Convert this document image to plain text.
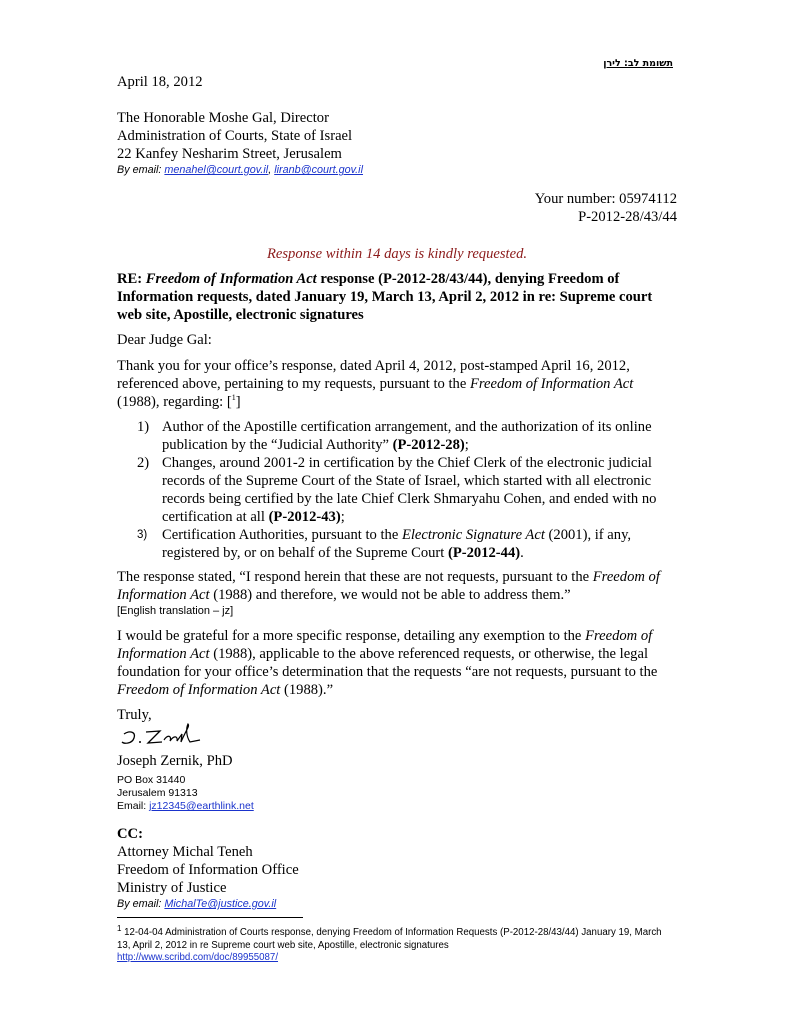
תשומת לב: לירן
April 18, 2012
The Honorable Moshe Gal, Director
Administration of Courts, State of Israel
22 Kanfey Nesharim Street, Jerusalem
By email: menahel@court.gov.il, liranb@court.gov.il
Your number: 05974112
P-2012-28/43/44
Response within 14 days is kindly requested.
RE: Freedom of Information Act response (P-2012-28/43/44), denying Freedom of Information requests, dated January 19, March 13, April 2, 2012 in re: Supreme court web site, Apostille, electronic signatures
Dear Judge Gal:
Thank you for your office’s response, dated April 4, 2012, post-stamped April 16, 2012, referenced above, pertaining to my requests, pursuant to the Freedom of Information Act (1988), regarding: [$^1$]
1) Author of the Apostille certification arrangement, and the authorization of its online publication by the “Judicial Authority” (P-2012-28);
2) Changes, around 2001-2 in certification by the Chief Clerk of the electronic judicial records of the Supreme Court of the State of Israel, which started with all electronic records being certified by the late Chief Clerk Shmaryahu Cohen, and ended with no certification at all (P-2012-43);
3) Certification Authorities, pursuant to the Electronic Signature Act (2001), if any, registered by, or on behalf of the Supreme Court (P-2012-44).
The response stated, “I respond herein that these are not requests, pursuant to the Freedom of Information Act (1988) and therefore, we would not be able to address them.”
[English translation – jz]
I would be grateful for a more specific response, detailing any exemption to the Freedom of Information Act (1988), applicable to the above referenced requests, or otherwise, the legal foundation for your office’s determination that the requests “are not requests, pursuant to the Freedom of Information Act (1988).”
Truly,
Joseph Zernik, PhD
PO Box 31440
Jerusalem 91313
Email: jz12345@earthlink.net
CC:
Attorney Michal Teneh
Freedom of Information Office
Ministry of Justice
By email: MichalTe@justice.gov.il
$^1$ 12-04-04 Administration of Courts response, denying Freedom of Information Requests (P-2012-28/43/44) January 19, March 13, April 2, 2012 in re Supreme court web site, Apostille, electronic signatures
http://www.scribd.com/doc/89955087/
